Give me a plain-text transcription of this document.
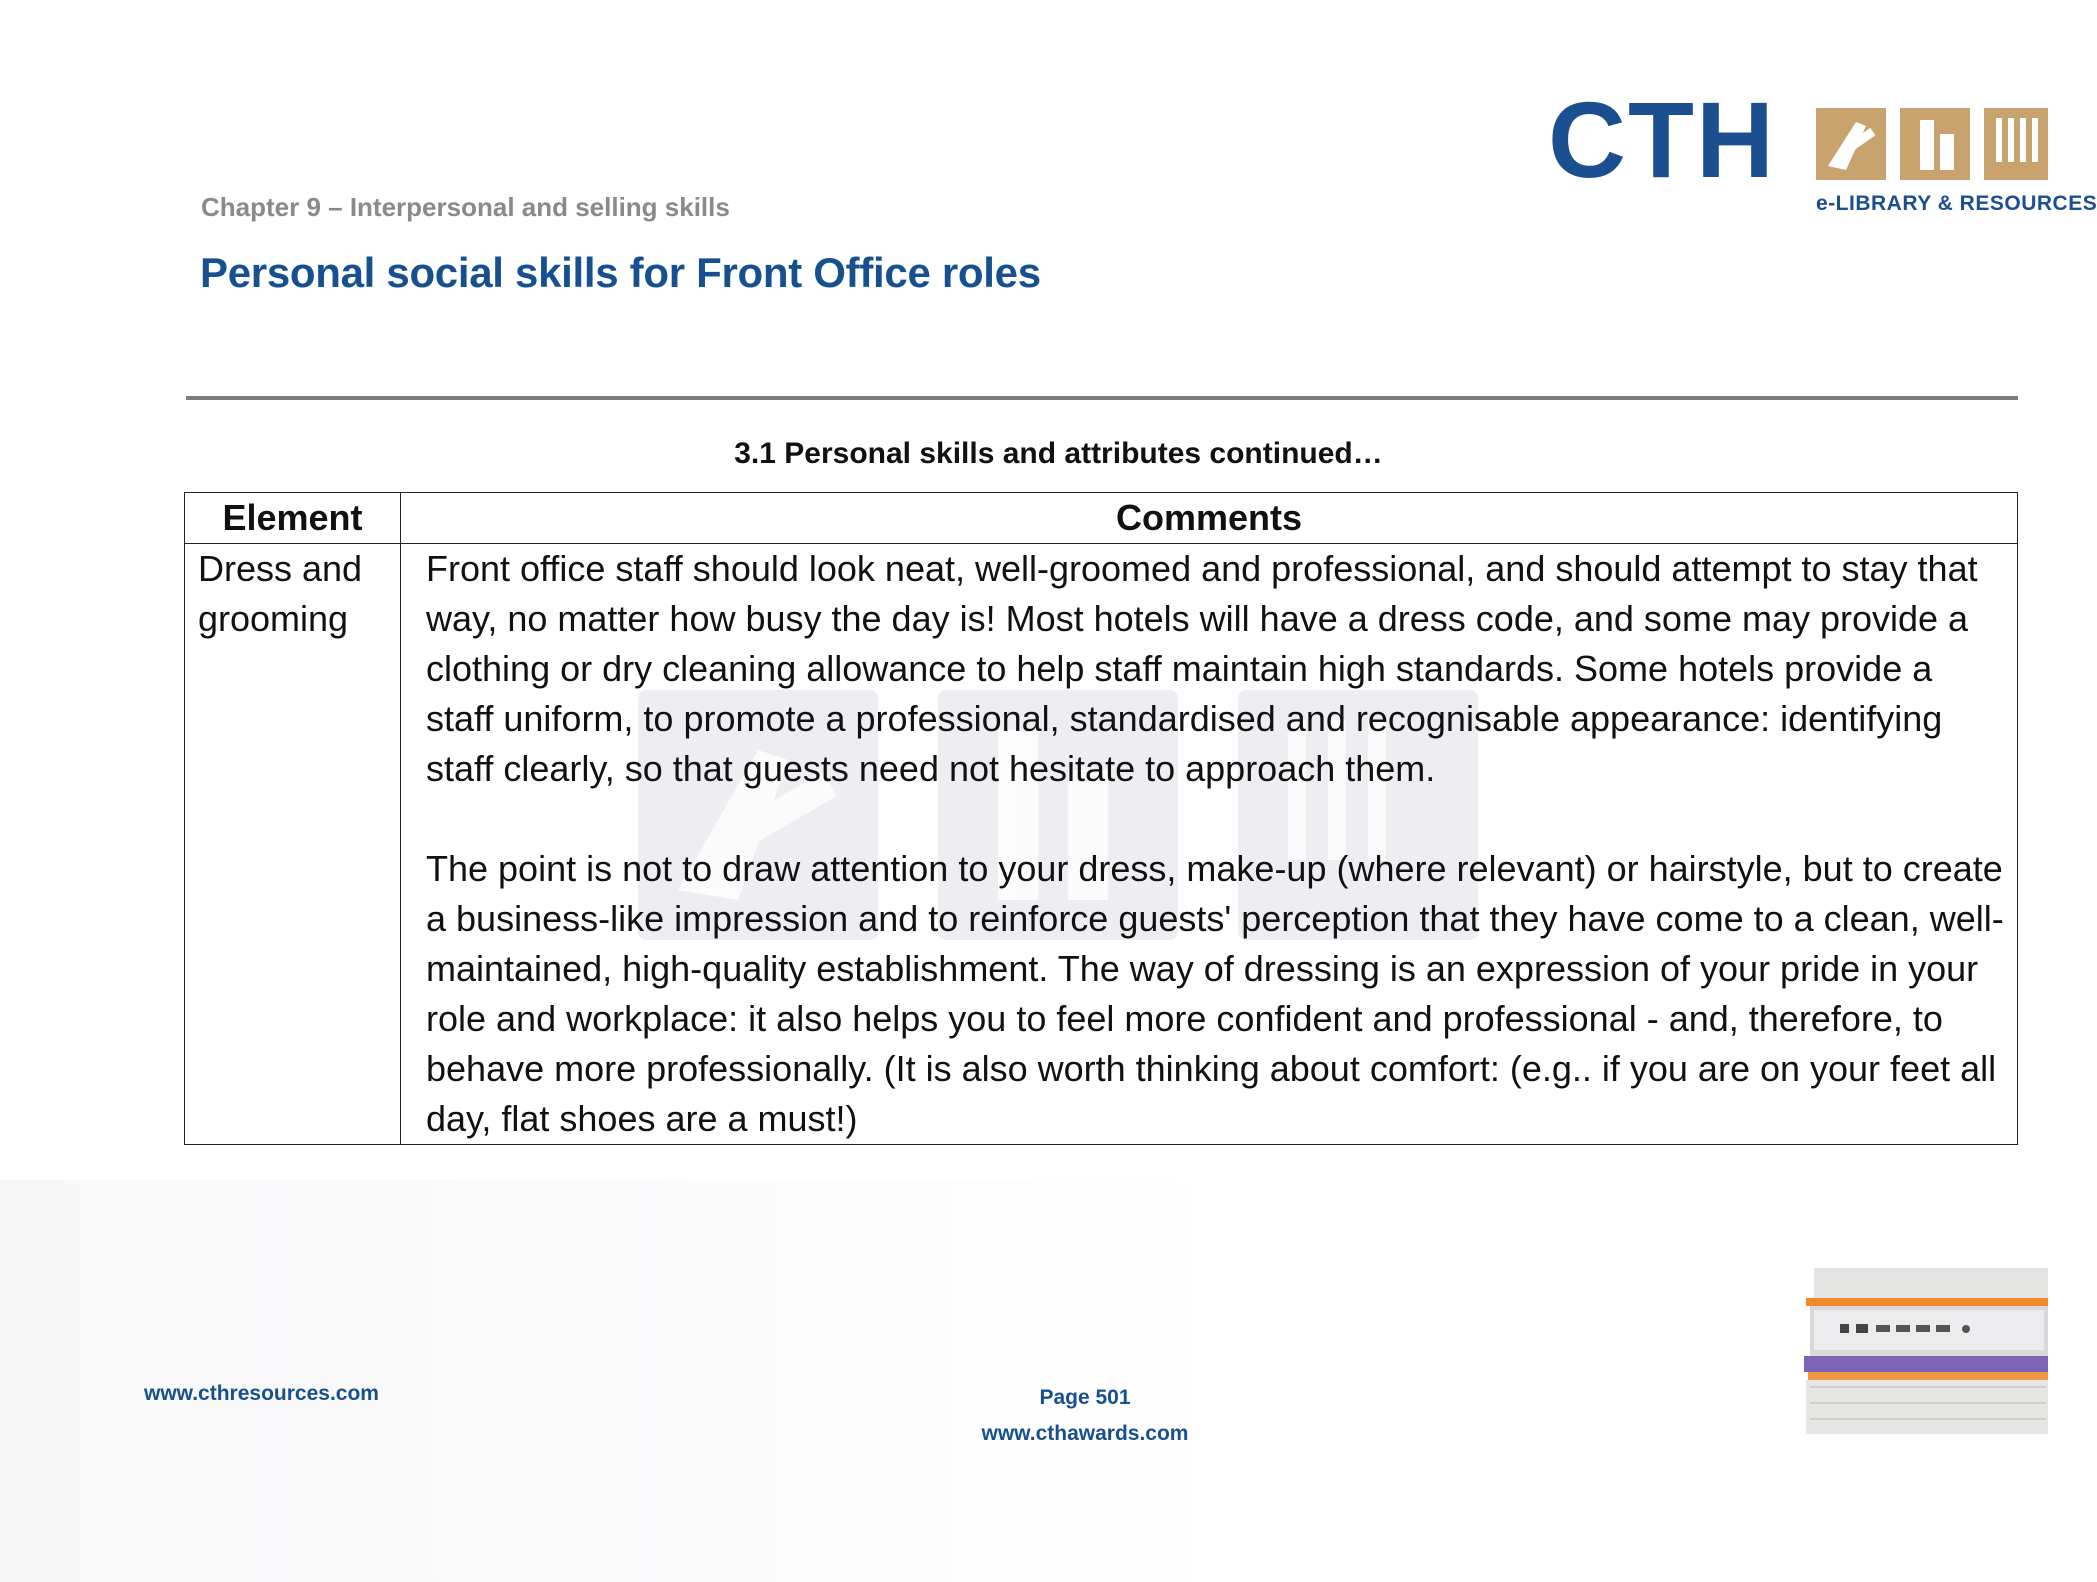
CTH
e-LIBRARY & RESOURCES
Chapter 9 – Interpersonal and selling skills
Personal social skills for Front Office roles
3.1 Personal skills and attributes continued…
Element	Comments
Dress and grooming	Front office staff should look neat, well-groomed and professional, and should attempt to stay that way, no matter how busy the day is! Most hotels will have a dress code, and some may provide a clothing or dry cleaning allowance to help staff maintain high standards. Some hotels provide a staff uniform, to promote a professional, standardised and recognisable appearance: identifying staff clearly, so that guests need not hesitate to approach them.

The point is not to draw attention to your dress, make-up (where relevant) or hairstyle, but to create a business-like impression and to reinforce guests' perception that they have come to a clean, well-maintained, high-quality establishment. The way of dressing is an expression of your pride in your role and workplace: it also helps you to feel more confident and professional - and, therefore, to behave more professionally. (It is also worth thinking about comfort: (e.g.. if you are on your feet all day, flat shoes are a must!)

www.cthresources.com	Page 501
www.cthawards.com
